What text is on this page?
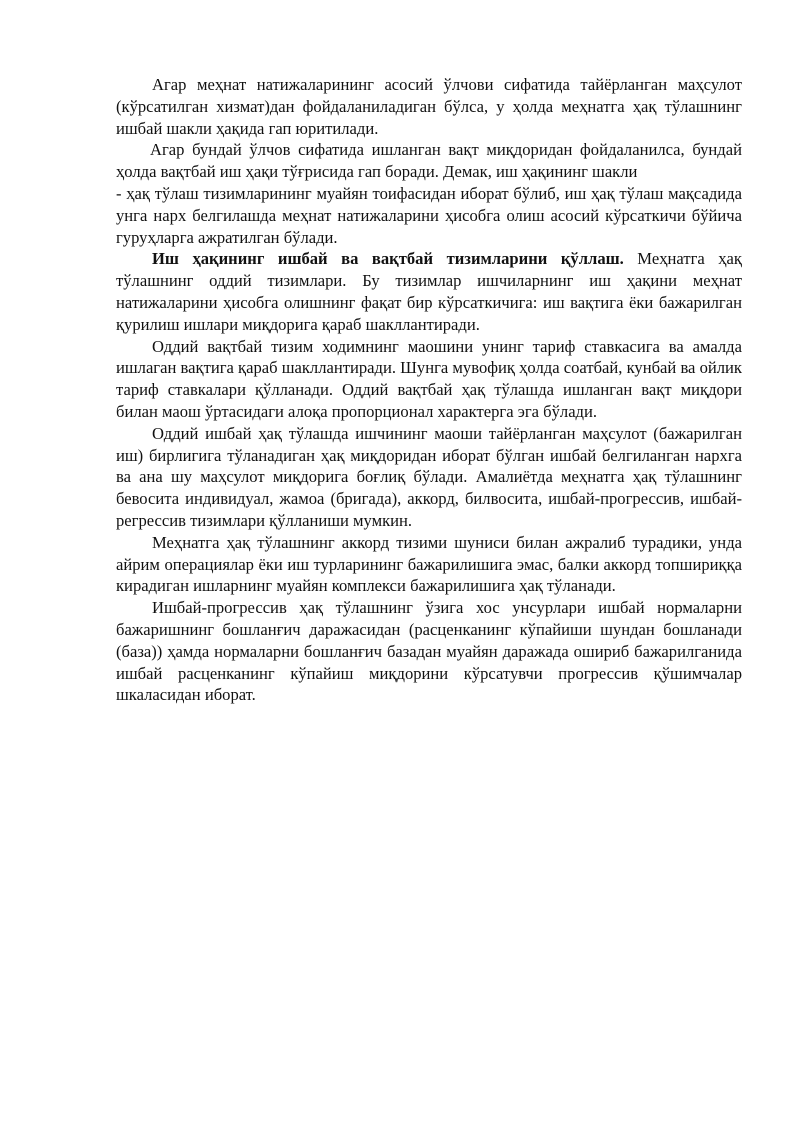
Агар меҳнат натижаларининг асосий ўлчови сифатида тайёрланган маҳсулот (кўрсатилган хизмат)дан фойдаланиладиган бўлса, у ҳолда меҳнатга ҳақ тўлашнинг ишбай шакли ҳақида гап юритилади.

Агар бундай ўлчов сифатида ишланган вақт миқдоридан фойдаланилса, бундай ҳолда вақтбай иш ҳақи тўғрисида гап боради. Демак, иш ҳақининг шакли

- ҳақ тўлаш тизимларининг муайян тоифасидан иборат бўлиб, иш ҳақ тўлаш мақсадида унга нарх белгилашда меҳнат натижаларини ҳисобга олиш асосий кўрсаткичи бўйича гуруҳларга ажратилган бўлади.

Иш ҳақининг ишбай ва вақтбай тизимларини қўллаш. Меҳнатга ҳақ тўлашнинг оддий тизимлари. Бу тизимлар ишчиларнинг иш ҳақини меҳнат натижаларини ҳисобга олишнинг фақат бир кўрсаткичига: иш вақтига ёки бажарилган қурилиш ишлари миқдорига қараб шакллантиради.

Оддий вақтбай тизим ходимнинг маошини унинг тариф ставкасига ва амалда ишлаган вақтига қараб шакллантиради. Шунга мувофиқ ҳолда соатбай, кунбай ва ойлик тариф ставкалари қўлланади. Оддий вақтбай ҳақ тўлашда ишланган вақт миқдори билан маош ўртасидаги алоқа пропорционал характерга эга бўлади.

Оддий ишбай ҳақ тўлашда ишчининг маоши тайёрланган маҳсулот (бажарилган иш) бирлигига тўланадиган ҳақ миқдоридан иборат бўлган ишбай белгиланган нархга ва ана шу маҳсулот миқдорига боғлиқ бўлади. Амалиётда меҳнатга ҳақ тўлашнинг бевосита индивидуал, жамоа (бригада), аккорд, билвосита, ишбай-прогрессив, ишбай-регрессив тизимлари қўлланиши мумкин.

Меҳнатга ҳақ тўлашнинг аккорд тизими шуниси билан ажралиб турадики, унда айрим операциялар ёки иш турларининг бажарилишига эмас, балки аккорд топшириққа кирадиган ишларнинг муайян комплекси бажарилишига ҳақ тўланади.

Ишбай-прогрессив ҳақ тўлашнинг ўзига хос унсурлари ишбай нормаларни бажаришнинг бошланғич даражасидан (расценканинг кўпайиши шундан бошланади (база)) ҳамда нормаларни бошланғич базадан муайян даражада ошириб бажарилганида ишбай расценканинг кўпайиш миқдорини кўрсатувчи прогрессив қўшимчалар шкаласидан иборат.
